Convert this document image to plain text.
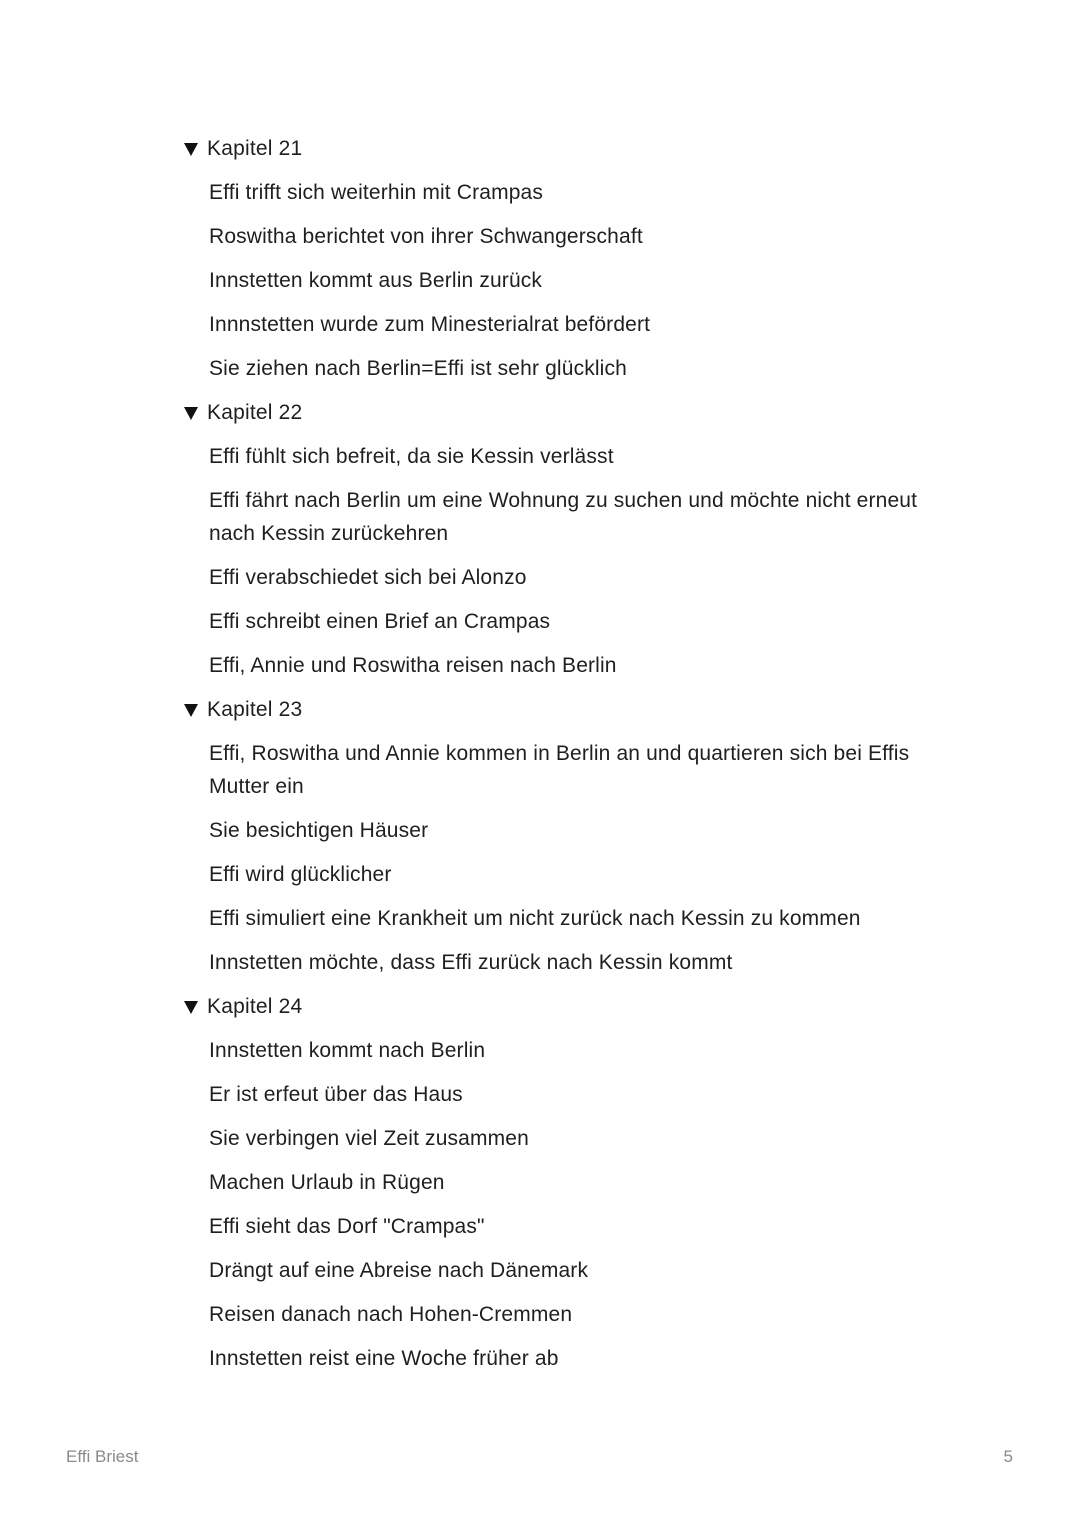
Kapitel 21
Effi trifft sich weiterhin mit Crampas
Roswitha berichtet von ihrer Schwangerschaft
Innstetten kommt aus Berlin zurück
Innnstetten wurde zum Minesterialrat befördert
Sie ziehen nach Berlin=Effi ist sehr glücklich
Kapitel 22
Effi fühlt sich befreit, da sie Kessin verlässt
Effi fährt nach Berlin um eine Wohnung zu suchen und möchte nicht erneut nach Kessin zurückehren
Effi verabschiedet sich bei Alonzo
Effi schreibt einen Brief an Crampas
Effi, Annie und Roswitha reisen nach Berlin
Kapitel 23
Effi, Roswitha und Annie kommen in Berlin an und quartieren sich bei Effis Mutter ein
Sie besichtigen Häuser
Effi wird glücklicher
Effi simuliert eine Krankheit um nicht zurück nach Kessin zu kommen
Innstetten möchte, dass Effi zurück nach Kessin kommt
Kapitel 24
Innstetten kommt nach Berlin
Er ist erfeut über das Haus
Sie verbingen viel Zeit zusammen
Machen Urlaub in Rügen
Effi sieht das Dorf "Crampas"
Drängt auf eine Abreise nach Dänemark
Reisen danach nach Hohen-Cremmen
Innstetten reist eine Woche früher ab
Effi Briest	5
